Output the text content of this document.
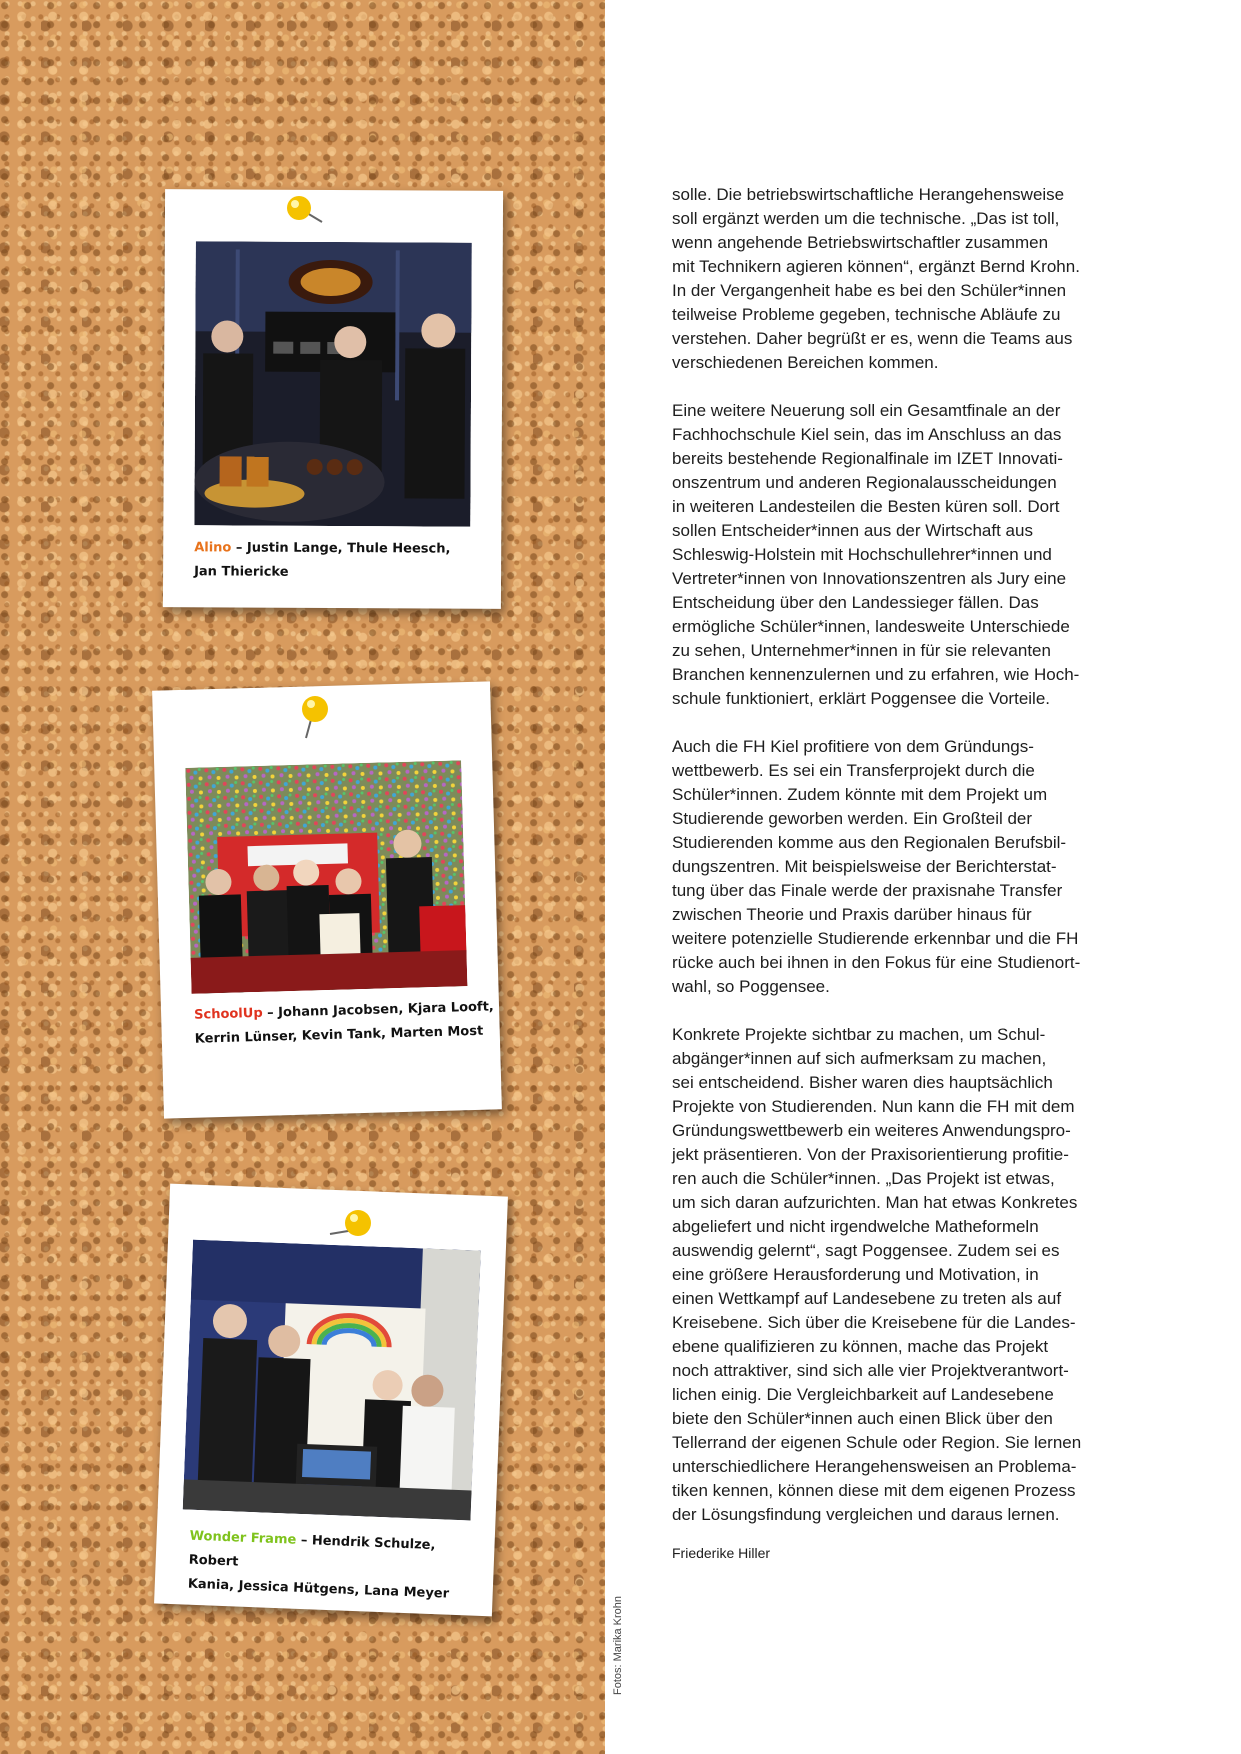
Alino – Justin Lange, Thule Heesch,
Jan Thiericke
SchoolUp – Johann Jacobsen, Kjara Looft,
Kerrin Lünser, Kevin Tank, Marten Most
Wonder Frame – Hendrik Schulze, Robert
Kania, Jessica Hütgens, Lana Meyer

solle. Die betriebswirtschaftliche Herangehensweise
soll ergänzt werden um die technische. „Das ist toll,
wenn angehende Betriebswirtschaftler zusammen
mit Technikern agieren können“, ergänzt Bernd Krohn.
In der Vergangenheit habe es bei den Schüler*innen
teilweise Probleme gegeben, technische Abläufe zu
verstehen. Daher begrüßt er es, wenn die Teams aus
verschiedenen Bereichen kommen.

Eine weitere Neuerung soll ein Gesamtfinale an der
Fachhochschule Kiel sein, das im Anschluss an das
bereits bestehende Regionalfinale im IZET Innovati-
onszentrum und anderen Regionalausscheidungen
in weiteren Landesteilen die Besten küren soll. Dort
sollen Entscheider*innen aus der Wirtschaft aus
Schleswig-Holstein mit Hochschullehrer*innen und
Vertreter*innen von Innovationszentren als Jury eine
Entscheidung über den Landessieger fällen. Das
ermögliche Schüler*innen, landesweite Unterschiede
zu sehen, Unternehmer*innen in für sie relevanten
Branchen kennenzulernen und zu erfahren, wie Hoch-
schule funktioniert, erklärt Poggensee die Vorteile.

Auch die FH Kiel profitiere von dem Gründungs-
wettbewerb. Es sei ein Transferprojekt durch die
Schüler*innen. Zudem könnte mit dem Projekt um
Studierende geworben werden. Ein Großteil der
Studierenden komme aus den Regionalen Berufsbil-
dungszentren. Mit beispielsweise der Berichterstat-
tung über das Finale werde der praxisnahe Transfer
zwischen Theorie und Praxis darüber hinaus für
weitere potenzielle Studierende erkennbar und die FH
rücke auch bei ihnen in den Fokus für eine Studienort-
wahl, so Poggensee.

Konkrete Projekte sichtbar zu machen, um Schul-
abgänger*innen auf sich aufmerksam zu machen,
sei entscheidend. Bisher waren dies hauptsächlich
Projekte von Studierenden. Nun kann die FH mit dem
Gründungswettbewerb ein weiteres Anwendungspro-
jekt präsentieren. Von der Praxisorientierung profitie-
ren auch die Schüler*innen. „Das Projekt ist etwas,
um sich daran aufzurichten. Man hat etwas Konkretes
abgeliefert und nicht irgendwelche Matheformeln
auswendig gelernt“, sagt Poggensee. Zudem sei es
eine größere Herausforderung und Motivation, in
einen Wettkampf auf Landesebene zu treten als auf
Kreisebene. Sich über die Kreisebene für die Landes-
ebene qualifizieren zu können, mache das Projekt
noch attraktiver, sind sich alle vier Projektverantwort-
lichen einig. Die Vergleichbarkeit auf Landesebene
biete den Schüler*innen auch einen Blick über den
Tellerrand der eigenen Schule oder Region. Sie lernen
unterschiedlichere Herangehensweisen an Problema-
tiken kennen, können diese mit dem eigenen Prozess
der Lösungsfindung vergleichen und daraus lernen.

Friederike Hiller
Fotos: Marika Krohn
